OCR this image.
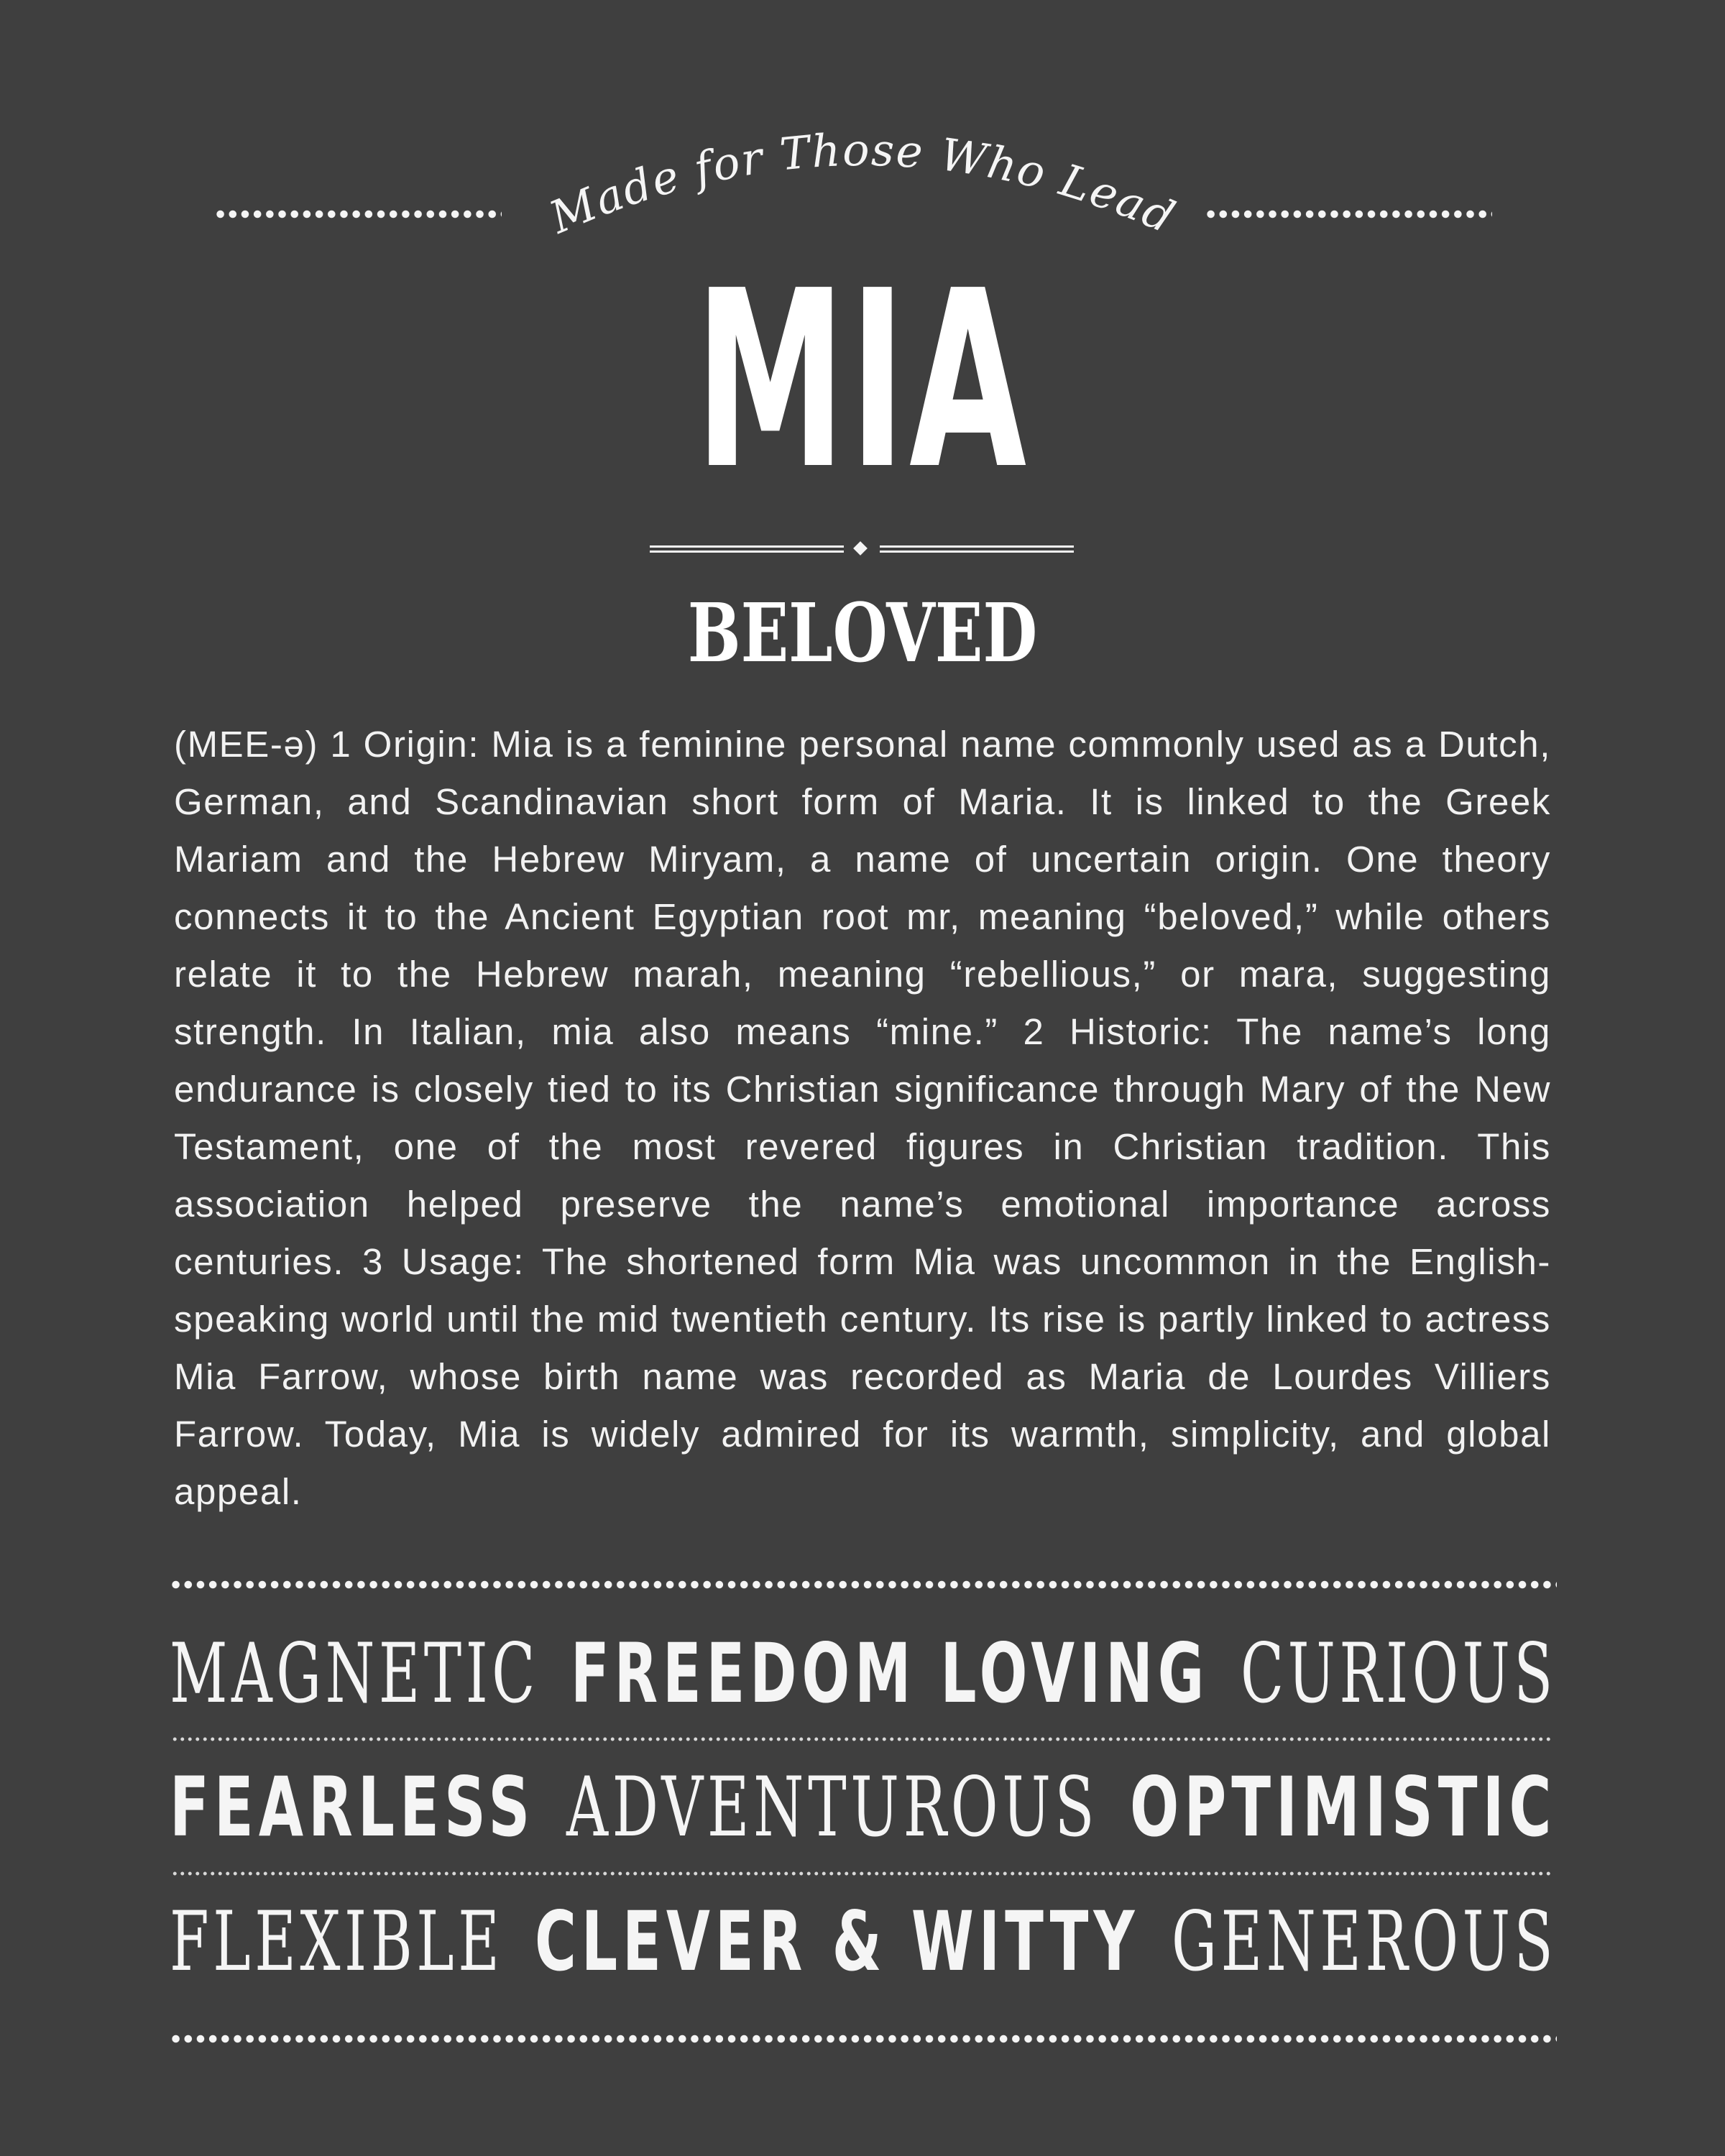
Made for Those Who Lead
MIA
BELOVED

(MEE-ə) 1 Origin: Mia is a feminine personal name commonly used as a Dutch, German, and Scandinavian short form of Maria. It is linked to the Greek Mariam and the Hebrew Miryam, a name of uncertain origin. One theory connects it to the Ancient Egyptian root mr, meaning “beloved,” while others relate it to the Hebrew marah, meaning “rebellious,” or mara, suggesting strength. In Italian, mia also means “mine.” 2 Historic: The name’s long endurance is closely tied to its Christian significance through Mary of the New Testament, one of the most revered figures in Christian tradition. This association helped preserve the name’s emotional importance across centuries. 3 Usage: The shortened form Mia was uncommon in the English-speaking world until the mid twentieth century. Its rise is partly linked to actress Mia Farrow, whose birth name was recorded as Maria de Lourdes Villiers Farrow. Today, Mia is widely admired for its warmth, simplicity, and global appeal.

MAGNETIC FREEDOM LOVING CURIOUS
FEARLESS ADVENTUROUS OPTIMISTIC
FLEXIBLE CLEVER & WITTY GENEROUS
